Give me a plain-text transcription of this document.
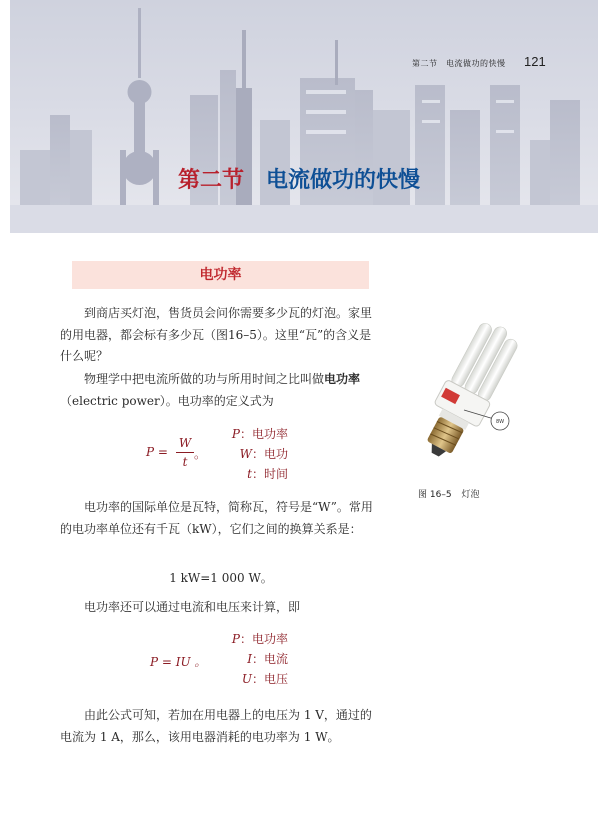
第二节　电流做功的快慢 121
第二节 电流做功的快慢
电功率

到商店买灯泡，售货员会问你需要多少瓦的灯泡。家里的用电器，都会标有多少瓦（图16–5）。这里“瓦”的含义是什么呢？

物理学中把电流所做的功与所用时间之比叫做电功率（electric power）。电功率的定义式为

P =
W
t
。
P：电功率
W：电功
t：时间

电功率的国际单位是瓦特，简称瓦，符号是“W”。常用的电功率单位还有千瓦（kW），它们之间的换算关系是：

1 kW=1 000 W。

电功率还可以通过电流和电压来计算，即

P = IU 。
P：电功率
I：电流
U：电压

由此公式可知，若加在用电器上的电压为 1 V，通过的电流为 1 A，那么，该用电器消耗的电功率为 1 W。

8W
图 16–5 灯泡
